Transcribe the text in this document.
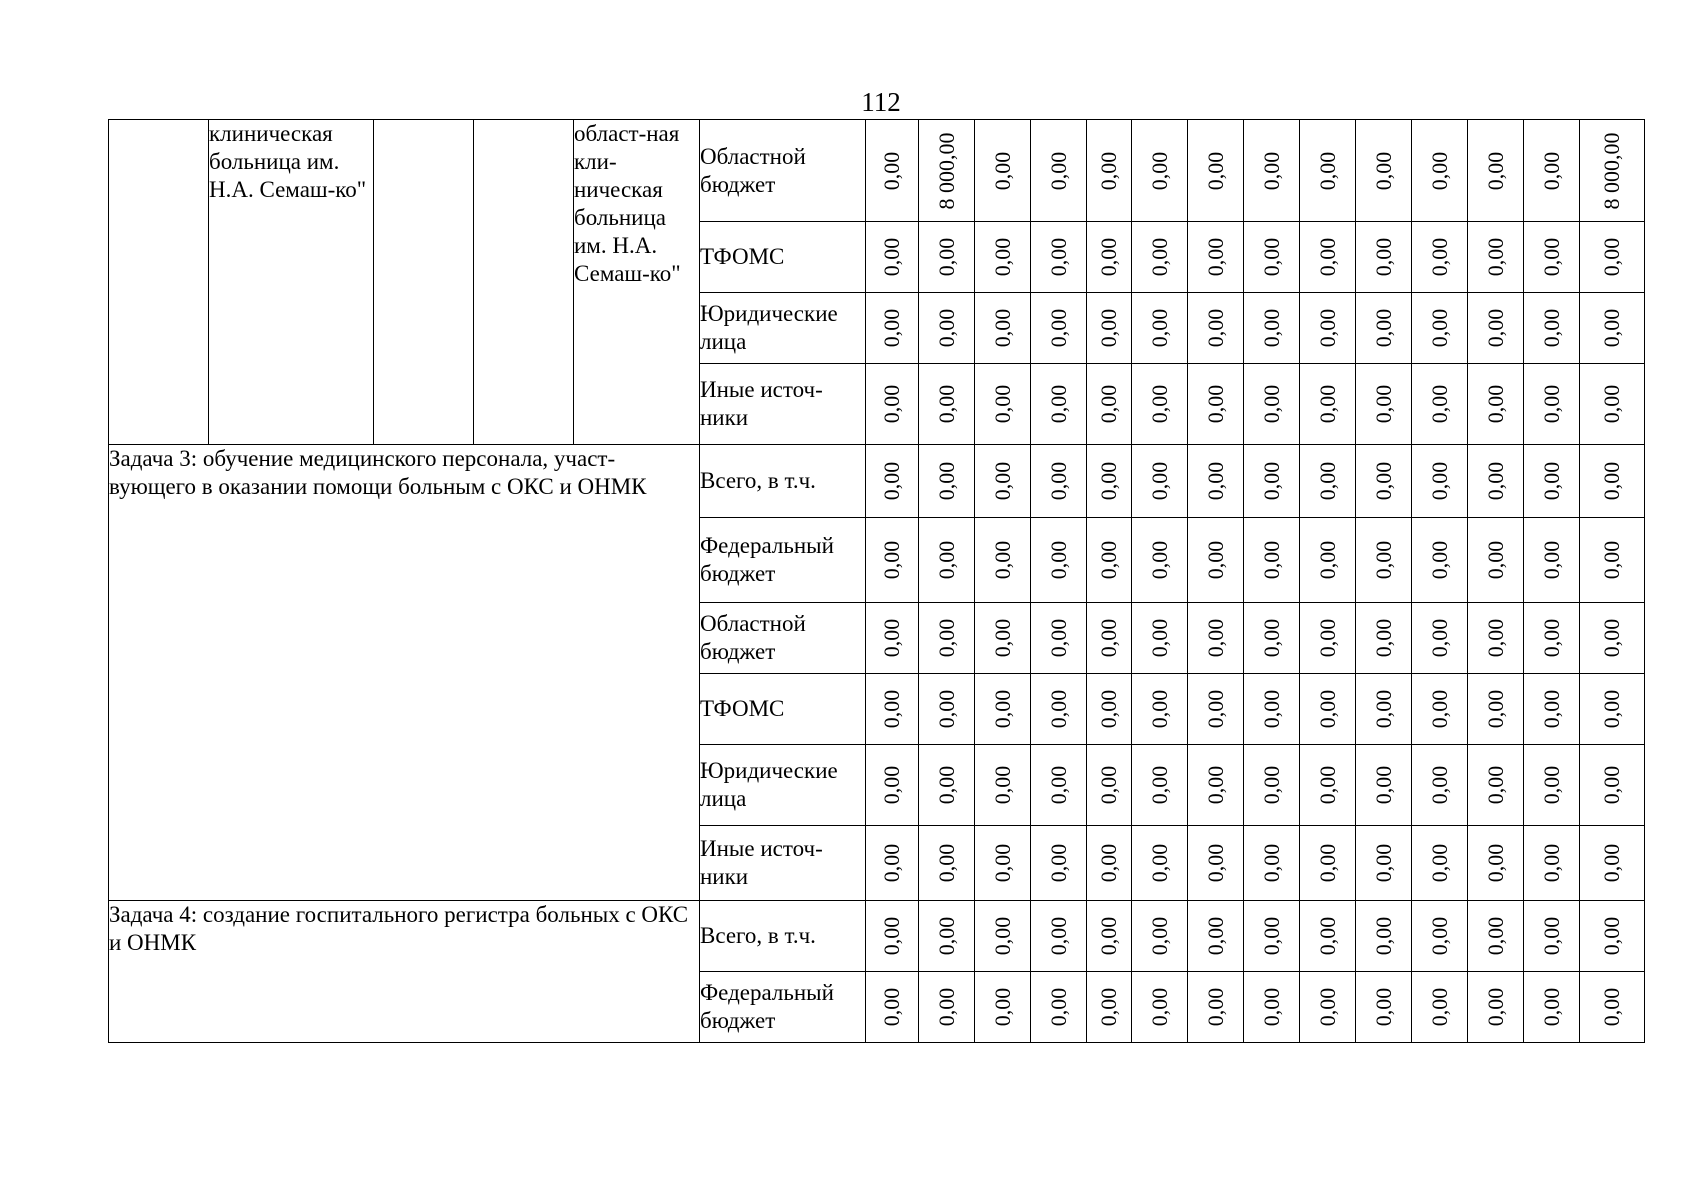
112
	клиническая больница им. Н.А. Семаш-ко"			област-ная кли-ническая больница им. Н.А. Семаш-ко"	Областной бюджет	0,00	8 000,00	0,00	0,00	0,00	0,00	0,00	0,00	0,00	0,00	0,00	0,00	0,00	8 000,00

					ТФОМС	0,00	0,00	0,00	0,00	0,00	0,00	0,00	0,00	0,00	0,00	0,00	0,00	0,00	0,00

					Юридические лица	0,00	0,00	0,00	0,00	0,00	0,00	0,00	0,00	0,00	0,00	0,00	0,00	0,00	0,00

					Иные источ-ники	0,00	0,00	0,00	0,00	0,00	0,00	0,00	0,00	0,00	0,00	0,00	0,00	0,00	0,00

Задача 3: обучение медицинского персонала, участ-вующего в оказании помощи больным с ОКС и ОНМК					Всего, в т.ч.	0,00	0,00	0,00	0,00	0,00	0,00	0,00	0,00	0,00	0,00	0,00	0,00	0,00	0,00

					Федеральный бюджет	0,00	0,00	0,00	0,00	0,00	0,00	0,00	0,00	0,00	0,00	0,00	0,00	0,00	0,00

					Областной бюджет	0,00	0,00	0,00	0,00	0,00	0,00	0,00	0,00	0,00	0,00	0,00	0,00	0,00	0,00

					ТФОМС	0,00	0,00	0,00	0,00	0,00	0,00	0,00	0,00	0,00	0,00	0,00	0,00	0,00	0,00

					Юридические лица	0,00	0,00	0,00	0,00	0,00	0,00	0,00	0,00	0,00	0,00	0,00	0,00	0,00	0,00

					Иные источ-ники	0,00	0,00	0,00	0,00	0,00	0,00	0,00	0,00	0,00	0,00	0,00	0,00	0,00	0,00

Задача 4: создание госпитального регистра больных с ОКС и ОНМК					Всего, в т.ч.	0,00	0,00	0,00	0,00	0,00	0,00	0,00	0,00	0,00	0,00	0,00	0,00	0,00	0,00

					Федеральный бюджет	0,00	0,00	0,00	0,00	0,00	0,00	0,00	0,00	0,00	0,00	0,00	0,00	0,00	0,00
